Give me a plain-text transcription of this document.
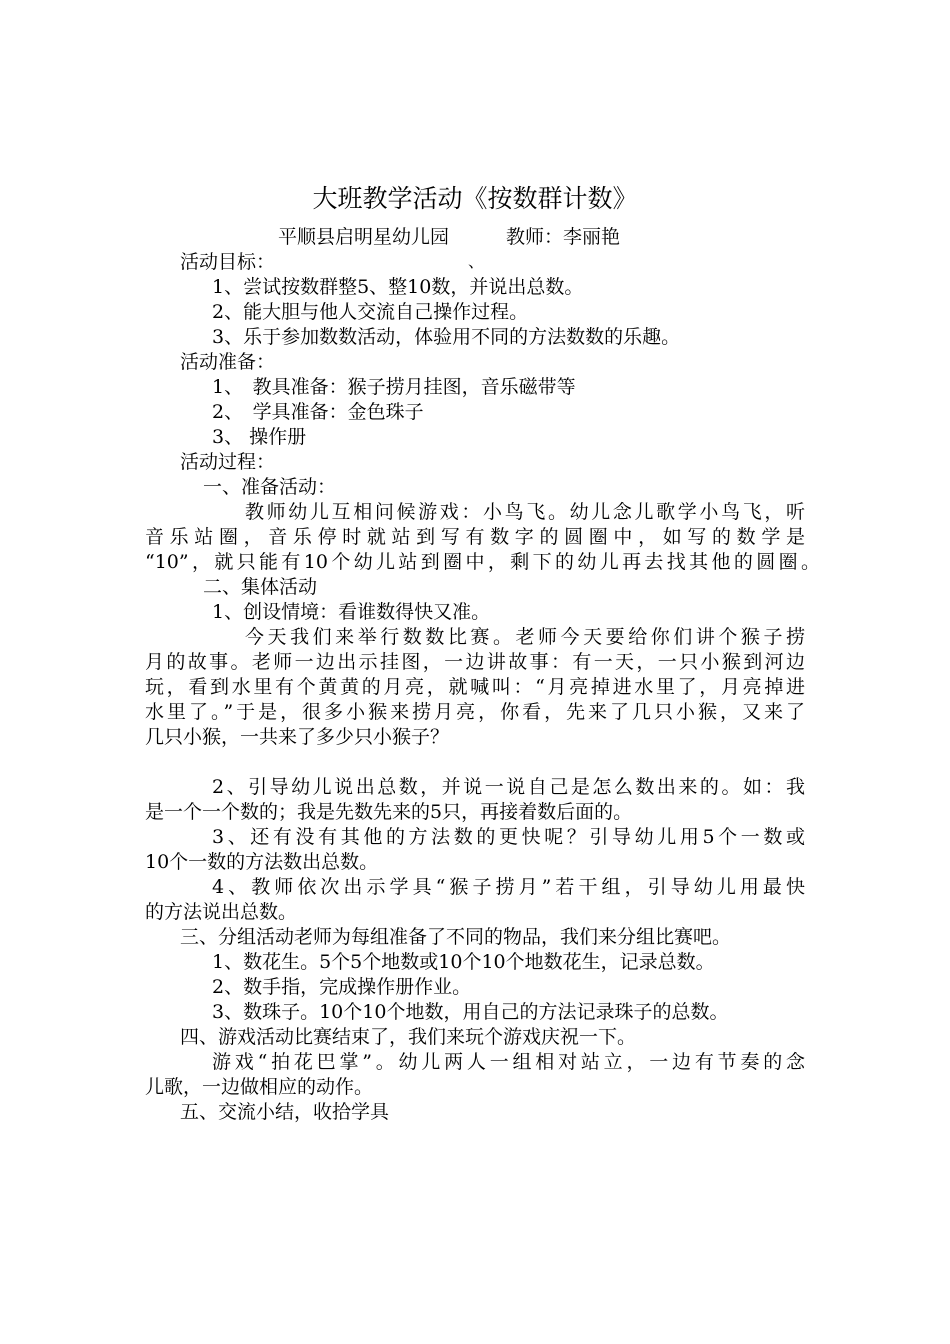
大班教学活动《按数群计数》
平顺县启明星幼儿园　　　教师：李丽艳
、
活动目标：
1、尝试按数群整5、整10数，并说出总数。
2、能大胆与他人交流自己操作过程。
3、乐于参加数数活动，体验用不同的方法数数的乐趣。
活动准备：
1、　教具准备：猴子捞月挂图，音乐磁带等
2、　学具准备：金色珠子
3、 操作册
活动过程：
一、准备活动：
教师幼儿互相问候游戏：小鸟飞。幼儿念儿歌学小鸟飞，听
音乐站圈，音乐停时就站到写有数字的圆圈中，如写的数学是
“10”，就只能有10个幼儿站到圈中，剩下的幼儿再去找其他的圆圈。
二、集体活动
1、创设情境：看谁数得快又准。
今天我们来举行数数比赛。老师今天要给你们讲个猴子捞
月的故事。老师一边出示挂图，一边讲故事：有一天，一只小猴到河边
玩，看到水里有个黄黄的月亮，就喊叫：“月亮掉进水里了，月亮掉进
水里了。”于是，很多小猴来捞月亮，你看，先来了几只小猴，又来了
几只小猴，一共来了多少只小猴子？
2、引导幼儿说出总数，并说一说自己是怎么数出来的。如：我
是一个一个数的；我是先数先来的5只，再接着数后面的。
3、还有没有其他的方法数的更快呢？引导幼儿用5个一数或
10个一数的方法数出总数。
4、教师依次出示学具“猴子捞月”若干组，引导幼儿用最快
的方法说出总数。
三、分组活动老师为每组准备了不同的物品，我们来分组比赛吧。
1、数花生。5个5个地数或10个10个地数花生，记录总数。
2、数手指，完成操作册作业。
3、数珠子。10个10个地数，用自己的方法记录珠子的总数。
四、游戏活动比赛结束了，我们来玩个游戏庆祝一下。
游戏“拍花巴掌”。幼儿两人一组相对站立，一边有节奏的念
儿歌，一边做相应的动作。
五、交流小结，收拾学具
